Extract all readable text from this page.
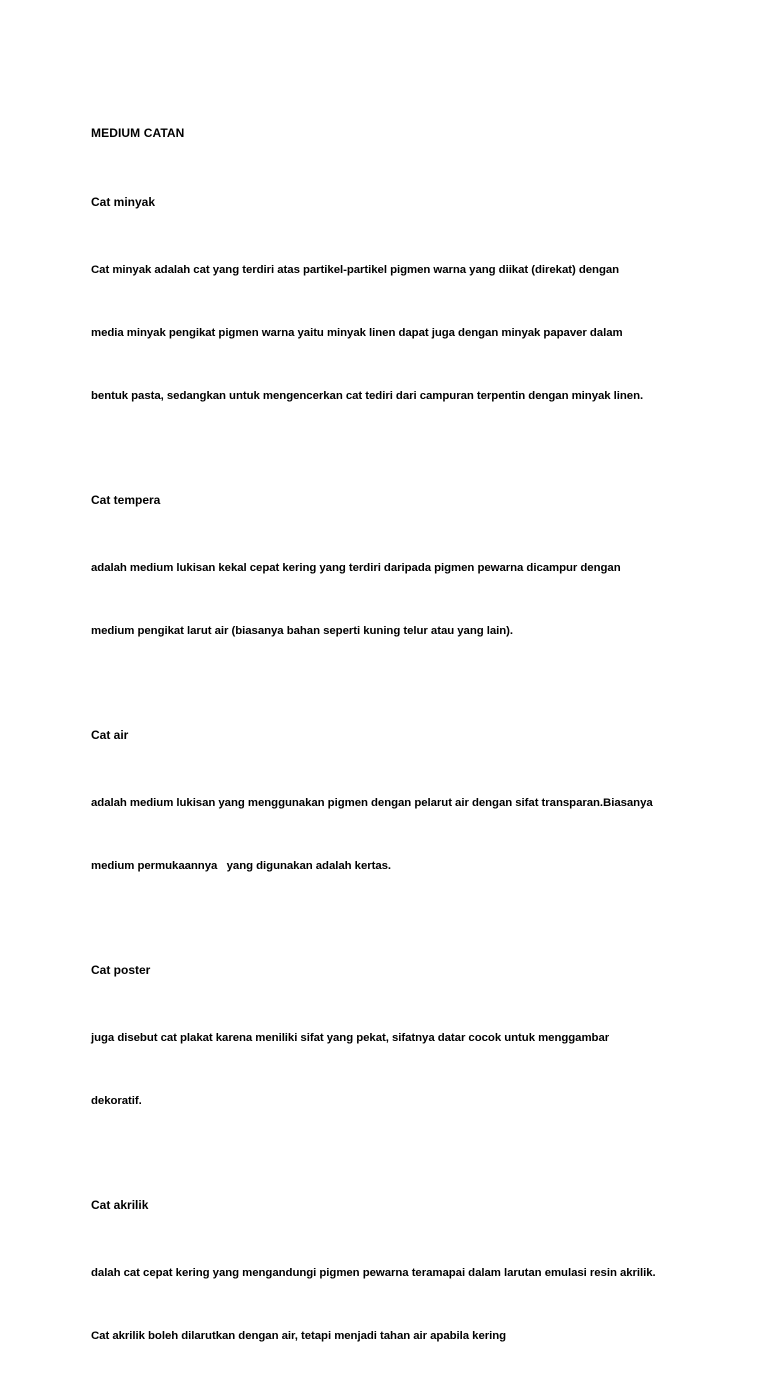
MEDIUM CATAN
Cat minyak

Cat minyak adalah cat yang terdiri atas partikel-partikel pigmen warna yang diikat (direkat) dengan

media minyak pengikat pigmen warna yaitu minyak linen dapat juga dengan minyak papaver dalam

bentuk pasta, sedangkan untuk mengencerkan cat tediri dari campuran terpentin dengan minyak linen.

Cat tempera

adalah medium lukisan kekal cepat kering yang terdiri daripada pigmen pewarna dicampur dengan

medium pengikat larut air (biasanya bahan seperti kuning telur atau yang lain).

Cat air

adalah medium lukisan yang menggunakan pigmen dengan pelarut air dengan sifat transparan.Biasanya

medium permukaannya   yang digunakan adalah kertas.

Cat poster

juga disebut cat plakat karena meniliki sifat yang pekat, sifatnya datar cocok untuk menggambar

dekoratif.

Cat akrilik

dalah cat cepat kering yang mengandungi pigmen pewarna teramapai dalam larutan emulasi resin akrilik.

Cat akrilik boleh dilarutkan dengan air, tetapi menjadi tahan air apabila kering
